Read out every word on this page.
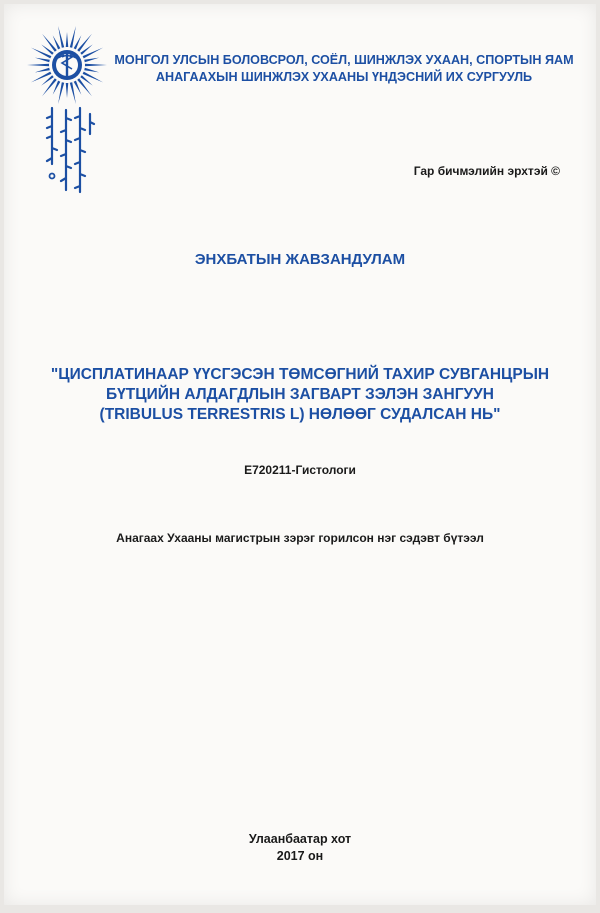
МОНГОЛ УЛСЫН БОЛОВСРОЛ, СОЁЛ, ШИНЖЛЭХ УХААН, СПОРТЫН ЯАМ
АНАГААХЫН ШИНЖЛЭХ УХААНЫ ҮНДЭСНИЙ ИХ СУРГУУЛЬ
Гар бичмэлийн эрхтэй ©
ЭНХБАТЫН ЖАВЗАНДУЛАМ
"ЦИСПЛАТИНААР ҮҮСГЭСЭН ТӨМСӨГНИЙ ТАХИР СУВГАНЦРЫН
БҮТЦИЙН АЛДАГДЛЫН ЗАГВАРТ ЗЭЛЭН ЗАНГУУН
(TRIBULUS TERRESTRIS L) НӨЛӨӨГ СУДАЛСАН НЬ"
E720211-Гистологи
Анагаах Ухааны магистрын зэрэг горилсон нэг сэдэвт бүтээл
Улаанбаатар хот
2017 он
